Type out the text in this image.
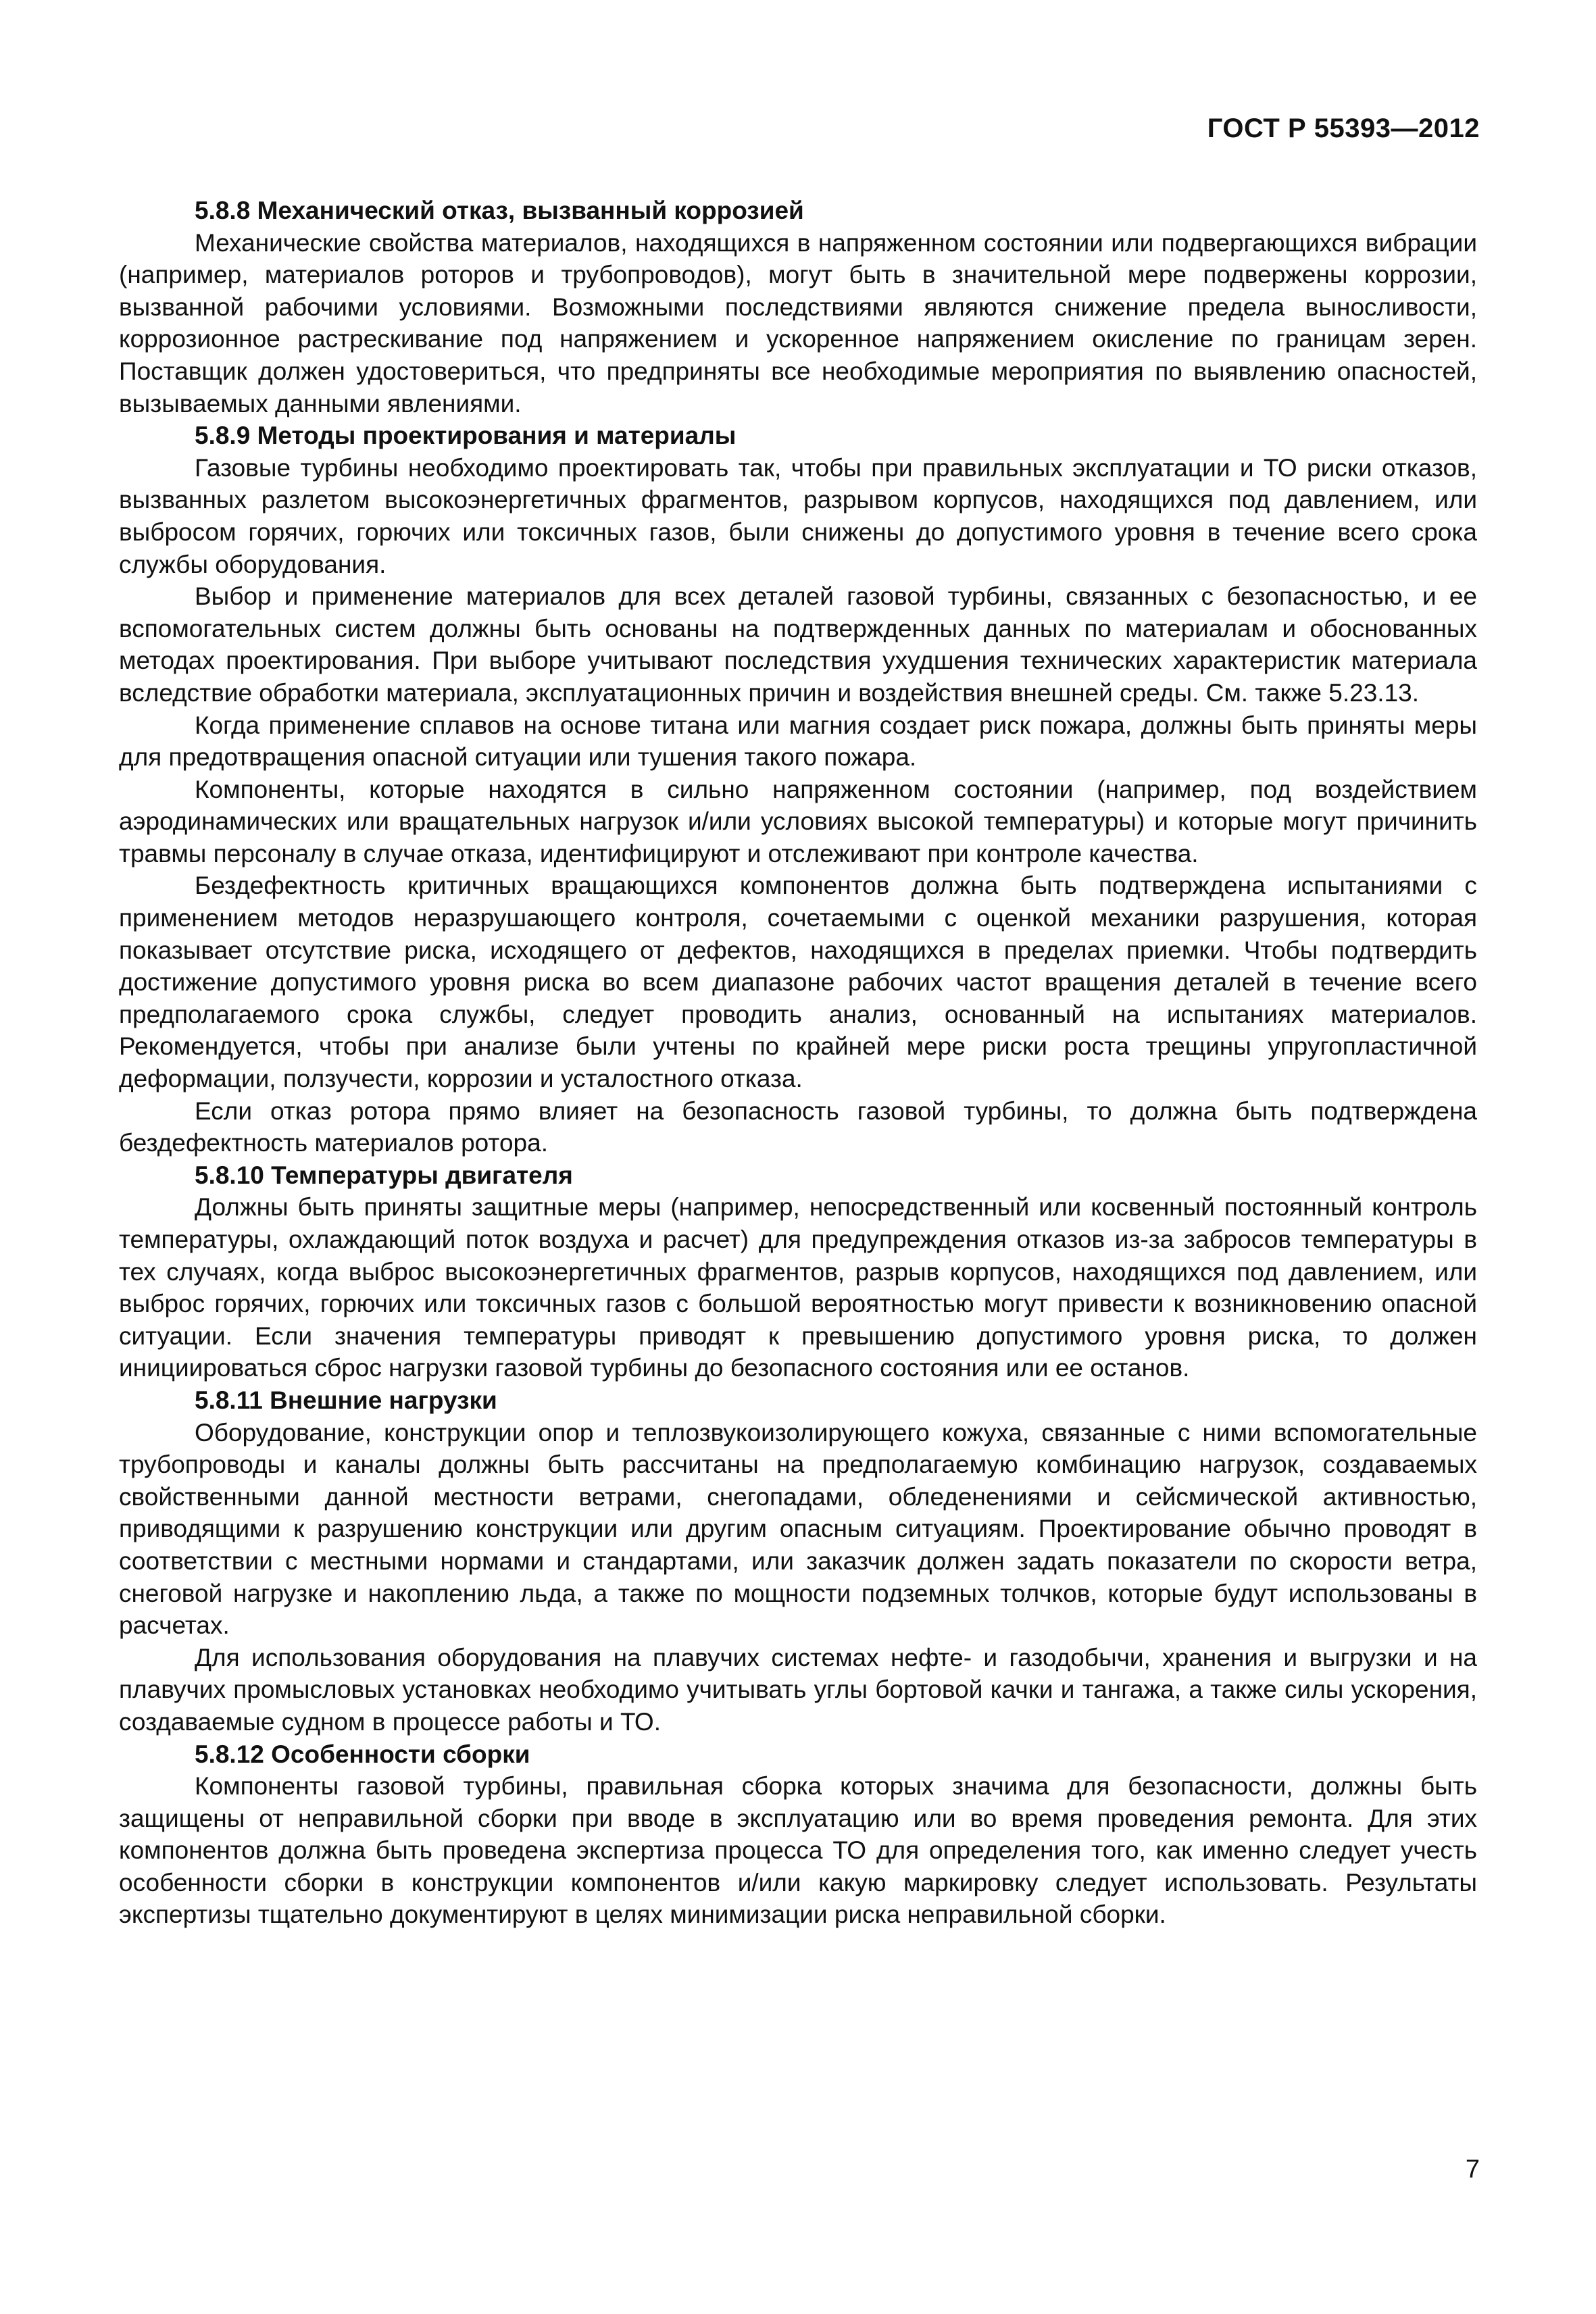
ГОСТ Р 55393—2012
5.8.8 Механический отказ, вызванный коррозией

Механические свойства материалов, находящихся в напряженном состоянии или подвергающихся вибрации (например, материалов роторов и трубопроводов), могут быть в значительной мере подвержены коррозии, вызванной рабочими условиями. Возможными последствиями являются снижение предела выносливости, коррозионное растрескивание под напряжением и ускоренное напряжением окисление по границам зерен. Поставщик должен удостовериться, что предприняты все необходимые мероприятия по выявлению опасностей, вызываемых данными явлениями.

5.8.9 Методы проектирования и материалы

Газовые турбины необходимо проектировать так, чтобы при правильных эксплуатации и ТО риски отказов, вызванных разлетом высокоэнергетичных фрагментов, разрывом корпусов, находящихся под давлением, или выбросом горячих, горючих или токсичных газов, были снижены до допустимого уровня в течение всего срока службы оборудования.

Выбор и применение материалов для всех деталей газовой турбины, связанных с безопасностью, и ее вспомогательных систем должны быть основаны на подтвержденных данных по материалам и обоснованных методах проектирования. При выборе учитывают последствия ухудшения технических характеристик материала вследствие обработки материала, эксплуатационных причин и воздействия внешней среды. См. также 5.23.13.

Когда применение сплавов на основе титана или магния создает риск пожара, должны быть приняты меры для предотвращения опасной ситуации или тушения такого пожара.

Компоненты, которые находятся в сильно напряженном состоянии (например, под воздействием аэродинамических или вращательных нагрузок и/или условиях высокой температуры) и которые могут причинить травмы персоналу в случае отказа, идентифицируют и отслеживают при контроле качества.

Бездефектность критичных вращающихся компонентов должна быть подтверждена испытаниями с применением методов неразрушающего контроля, сочетаемыми с оценкой механики разрушения, которая показывает отсутствие риска, исходящего от дефектов, находящихся в пределах приемки. Чтобы подтвердить достижение допустимого уровня риска во всем диапазоне рабочих частот вращения деталей в течение всего предполагаемого срока службы, следует проводить анализ, основанный на испытаниях материалов. Рекомендуется, чтобы при анализе были учтены по крайней мере риски роста трещины упругопластичной деформации, ползучести, коррозии и усталостного отказа.

Если отказ ротора прямо влияет на безопасность газовой турбины, то должна быть подтверждена бездефектность материалов ротора.

5.8.10 Температуры двигателя

Должны быть приняты защитные меры (например, непосредственный или косвенный постоянный контроль температуры, охлаждающий поток воздуха и расчет) для предупреждения отказов из-за забросов температуры в тех случаях, когда выброс высокоэнергетичных фрагментов, разрыв корпусов, находящихся под давлением, или выброс горячих, горючих или токсичных газов с большой вероятностью могут привести к возникновению опасной ситуации. Если значения температуры приводят к превышению допустимого уровня риска, то должен инициироваться сброс нагрузки газовой турбины до безопасного состояния или ее останов.

5.8.11 Внешние нагрузки

Оборудование, конструкции опор и теплозвукоизолирующего кожуха, связанные с ними вспомогательные трубопроводы и каналы должны быть рассчитаны на предполагаемую комбинацию нагрузок, создаваемых свойственными данной местности ветрами, снегопадами, обледенениями и сейсмической активностью, приводящими к разрушению конструкции или другим опасным ситуациям. Проектирование обычно проводят в соответствии с местными нормами и стандартами, или заказчик должен задать показатели по скорости ветра, снеговой нагрузке и накоплению льда, а также по мощности подземных толчков, которые будут использованы в расчетах.

Для использования оборудования на плавучих системах нефте- и газодобычи, хранения и выгрузки и на плавучих промысловых установках необходимо учитывать углы бортовой качки и тангажа, а также силы ускорения, создаваемые судном в процессе работы и ТО.

5.8.12 Особенности сборки

Компоненты газовой турбины, правильная сборка которых значима для безопасности, должны быть защищены от неправильной сборки при вводе в эксплуатацию или во время проведения ремонта. Для этих компонентов должна быть проведена экспертиза процесса ТО для определения того, как именно следует учесть особенности сборки в конструкции компонентов и/или какую маркировку следует использовать. Результаты экспертизы тщательно документируют в целях минимизации риска неправильной сборки.

7
